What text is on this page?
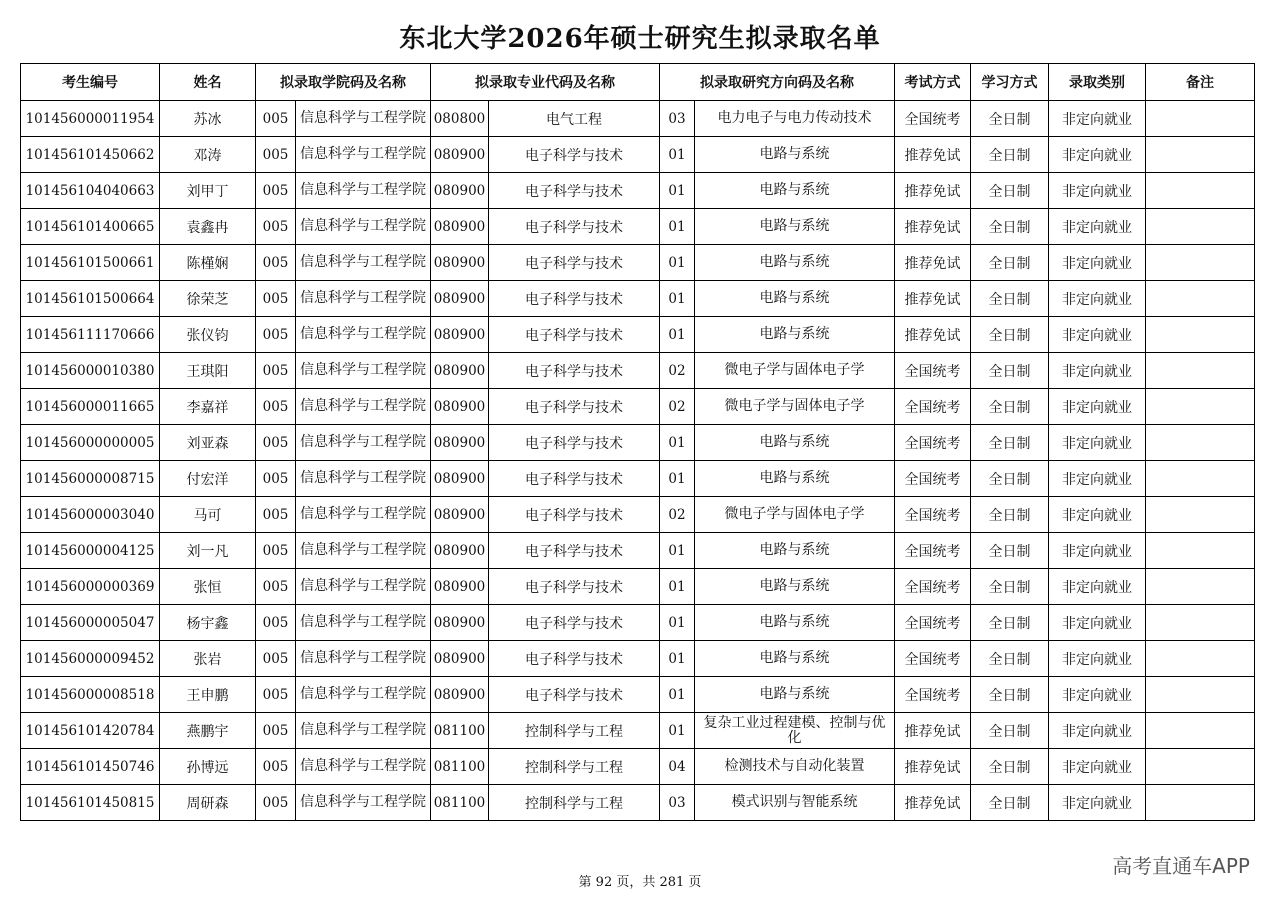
东北大学2026年硕士研究生拟录取名单
考生编号	姓名	拟录取学院码及名称		拟录取专业代码及名称		拟录取研究方向码及名称		考试方式	学习方式	录取类别	备注
101456000011954	苏冰	005	信息科学与工程学院	080800	电气工程	03	电力电子与电力传动技术	全国统考	全日制	非定向就业	
101456101450662	邓涛	005	信息科学与工程学院	080900	电子科学与技术	01	电路与系统	推荐免试	全日制	非定向就业	
101456104040663	刘甲丁	005	信息科学与工程学院	080900	电子科学与技术	01	电路与系统	推荐免试	全日制	非定向就业	
101456101400665	袁鑫冉	005	信息科学与工程学院	080900	电子科学与技术	01	电路与系统	推荐免试	全日制	非定向就业	
101456101500661	陈槿娴	005	信息科学与工程学院	080900	电子科学与技术	01	电路与系统	推荐免试	全日制	非定向就业	
101456101500664	徐荣芝	005	信息科学与工程学院	080900	电子科学与技术	01	电路与系统	推荐免试	全日制	非定向就业	
101456111170666	张仪钧	005	信息科学与工程学院	080900	电子科学与技术	01	电路与系统	推荐免试	全日制	非定向就业	
101456000010380	王琪阳	005	信息科学与工程学院	080900	电子科学与技术	02	微电子学与固体电子学	全国统考	全日制	非定向就业	
101456000011665	李嘉祥	005	信息科学与工程学院	080900	电子科学与技术	02	微电子学与固体电子学	全国统考	全日制	非定向就业	
101456000000005	刘亚森	005	信息科学与工程学院	080900	电子科学与技术	01	电路与系统	全国统考	全日制	非定向就业	
101456000008715	付宏洋	005	信息科学与工程学院	080900	电子科学与技术	01	电路与系统	全国统考	全日制	非定向就业	
101456000003040	马可	005	信息科学与工程学院	080900	电子科学与技术	02	微电子学与固体电子学	全国统考	全日制	非定向就业	
101456000004125	刘一凡	005	信息科学与工程学院	080900	电子科学与技术	01	电路与系统	全国统考	全日制	非定向就业	
101456000000369	张恒	005	信息科学与工程学院	080900	电子科学与技术	01	电路与系统	全国统考	全日制	非定向就业	
101456000005047	杨宇鑫	005	信息科学与工程学院	080900	电子科学与技术	01	电路与系统	全国统考	全日制	非定向就业	
101456000009452	张岩	005	信息科学与工程学院	080900	电子科学与技术	01	电路与系统	全国统考	全日制	非定向就业	
101456000008518	王申鹏	005	信息科学与工程学院	080900	电子科学与技术	01	电路与系统	全国统考	全日制	非定向就业	
101456101420784	燕鹏宇	005	信息科学与工程学院	081100	控制科学与工程	01	复杂工业过程建模、控制与优化	推荐免试	全日制	非定向就业	
101456101450746	孙博远	005	信息科学与工程学院	081100	控制科学与工程	04	检测技术与自动化装置	推荐免试	全日制	非定向就业	
101456101450815	周研森	005	信息科学与工程学院	081100	控制科学与工程	03	模式识别与智能系统	推荐免试	全日制	非定向就业	
第 92 页，共 281 页
高考直通车APP
